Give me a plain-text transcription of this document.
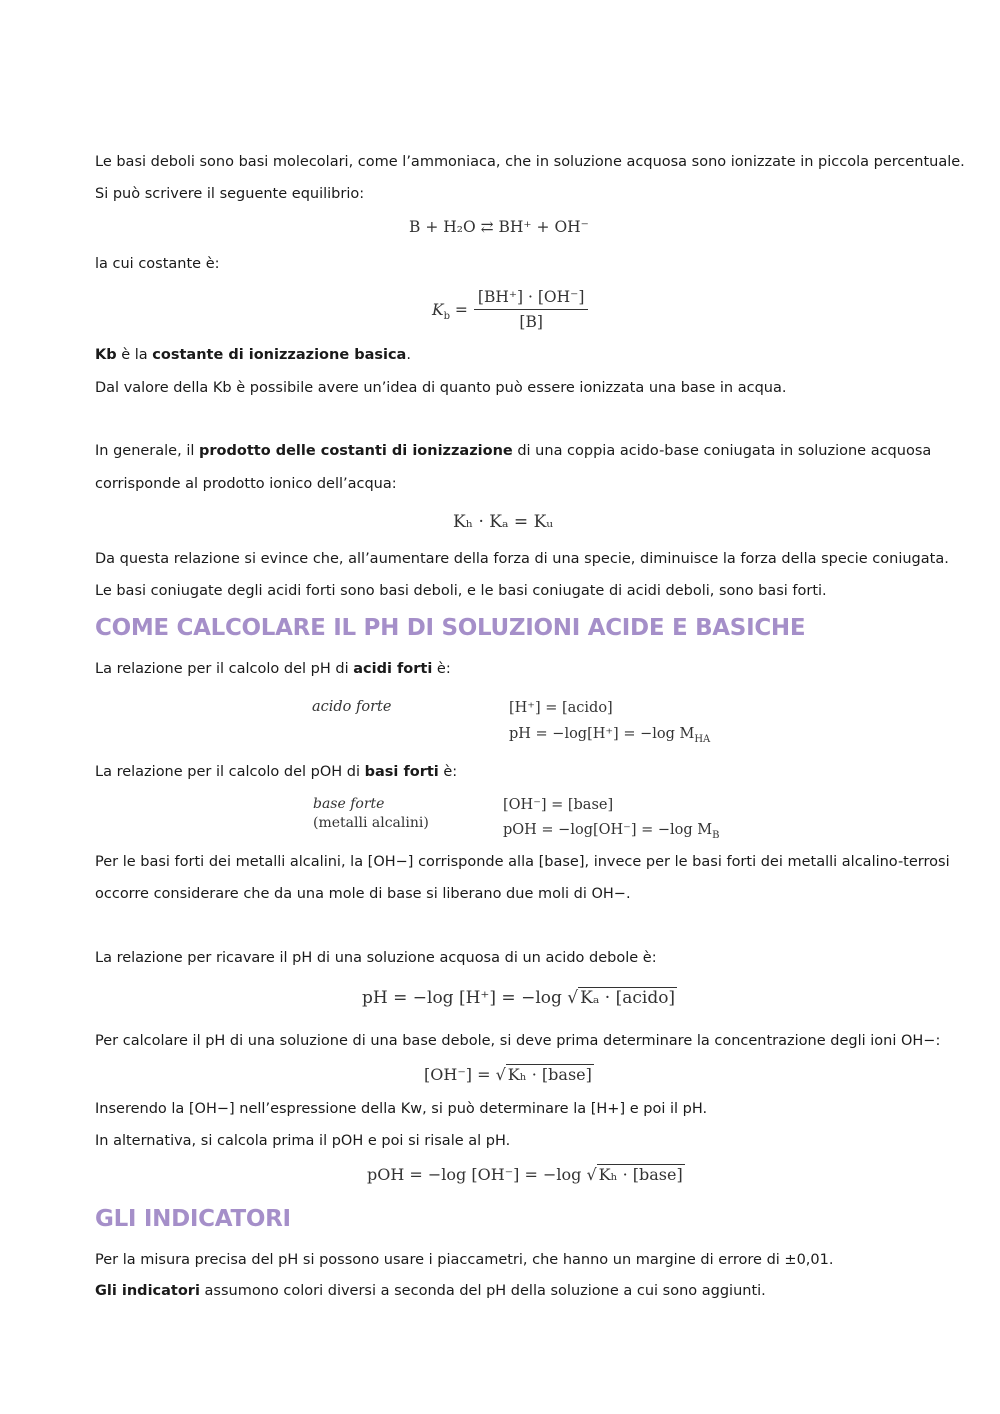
Le basi deboli sono basi molecolari, come l’ammoniaca, che in soluzione acquosa sono ionizzate in piccola percentuale.

Si può scrivere il seguente equilibrio:

B + H₂O ⇄ BH⁺ + OH⁻

la cui costante è:

$K_b = \frac{[BH^+] \cdot [OH^-]}{[B]}$

Kb è la costante di ionizzazione basica.

Dal valore della Kb è possibile avere un’idea di quanto può essere ionizzata una base in acqua.

In generale, il prodotto delle costanti di ionizzazione di una coppia acido-base coniugata in soluzione acquosa

corrisponde al prodotto ionico dell’acqua:

Kₕ · Kₐ = Kᵤ

Da questa relazione si evince che, all’aumentare della forza di una specie, diminuisce la forza della specie coniugata.

Le basi coniugate degli acidi forti sono basi deboli, e le basi coniugate di acidi deboli, sono basi forti.

COME CALCOLARE IL PH DI SOLUZIONI ACIDE E BASICHE

La relazione per il calcolo del pH di acidi forti è:

acido forte	[H⁺] = [acido]
pH = −log[H⁺] = −log $M_{HA}$

La relazione per il calcolo del pOH di basi forti è:

base forte
(metalli alcalini)
[OH⁻] = [base]
pOH = −log[OH⁻] = −log $M_B$

Per le basi forti dei metalli alcalini, la [OH−] corrisponde alla [base], invece per le basi forti dei metalli alcalino-terrosi

occorre considerare che da una mole di base si liberano due moli di OH−.

La relazione per ricavare il pH di una soluzione acquosa di un acido debole è:

pH = −log [H⁺] = −log √ Kₐ · [acido]

Per calcolare il pH di una soluzione di una base debole, si deve prima determinare la concentrazione degli ioni OH−:

[OH⁻] = √ Kₕ · [base]

Inserendo la [OH−] nell’espressione della Kw, si può determinare la [H+] e poi il pH.

In alternativa, si calcola prima il pOH e poi si risale al pH.

pOH = −log [OH⁻] = −log √ Kₕ · [base]
GLI INDICATORI

Per la misura precisa del pH si possono usare i piaccametri, che hanno un margine di errore di ±0,01.

Gli indicatori assumono colori diversi a seconda del pH della soluzione a cui sono aggiunti.
